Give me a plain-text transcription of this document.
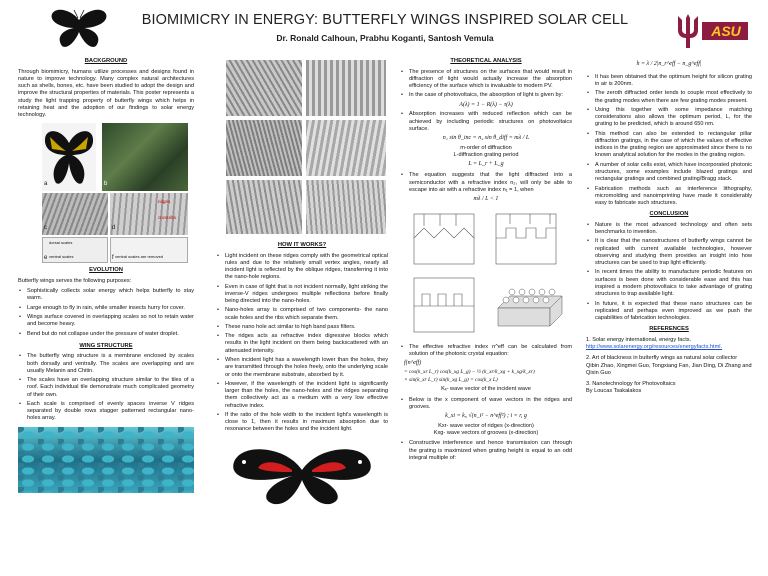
BIOMIMICRY IN ENERGY: BUTTERFLY WINGS INSPIRED SOLAR CELL
Dr. Ronald Calhoun, Prabhu Koganti, Santosh Vemula	ASU
BACKGROUND
Through biomimicry, humans utilize processes and designs found in nature to improve technology. Many complex natural architectures such as shells, bones, etc. have been studied to adopt the design and improve the structural properties of materials. This poster represents a study the light trapping property of butterfly wings which helps in retaining heat and the adoption of our findings to solar energy technology.
a	b
c
ridges
crossribs
d
dorsal scales
ventral scales
e	ventral scales are removed
f
EVOLUTION
Butterfly wings serves the following purposes:
• Sophistically collects solar energy which helps butterfly to stay warm.
• Large enough to fly in rain, while smaller insects hurry for cover.
• Wings surface covered in overlapping scales so not to retain water and become heavy.
• Bend but do not collapse under the pressure of water droplet.
WING STRUCTURE
• The butterfly wing structure is a membrane enclosed by scales both dorsally and ventrally. The scales are overlapping and are usually Melanin and Chitin.
• The scales have an overlapping structure similar to the tiles of a roof. Each individual tile demonstrate much complicated geometry of their own.
• Each scale is comprised of evenly spaces inverse V ridges separated by double rows stagger patterned rectangular nano-holes array.
HOW IT WORKS?
• Light incident on these ridges comply with the geometrical optical rules and due to the relatively small vertex angles, nearly all incident light is reflected by the oblique ridges, transferring it into the nano-hole regions.
• Even in case of light that is not incident normally, light striking the inverse-V ridges undergoes multiple reflections before finally being directed into the nano-holes.
• Nano-holes array is comprised of two components- the nano scale holes and the ribs which separate them.
• These nano hole act similar to high band pass filters.
• The ridges acts as refractive index digressive blocks which results in the light incident on them being backscattered with an attenuated intensity.
• When incident light has a wavelength lower than the holes, they are transmitted through the holes freely, onto the underlying scale or onto the membrane substrate, absorbed by it.
• However, if the wavelength of the incident light is significantly larger than the holes, the nano-holes and the ridges separating them collectively act as a medium with a very low effective refractive index.
• If the ratio of the hole width to the incident light's wavelength is close to 1, then it results in maximum absorption due to resonance between the holes and the incident light.
THEORETICAL ANALYSIS
• The presence of structures on the surfaces that would result in diffraction of light would actually increase the absorption efficiency of the surface which is invaluable to modern PV.
• In the case of photovoltaics, the absorption of light is given by:
A(λ) = 1 − R(λ) − τ(λ)
• Absorption increases with reduced reflection which can be achieved by including periodic structures on photovoltaics surface.
n₁ sin θ_inc = n₂ sin θ_diff = mλ / L
m-order of diffraction
L-diffraction grating period
L = L_r + L_g
• The equation suggests that the light diffracted into a semiconductor with a refractive index n₂, will only be able to escape into air with a refractive index n₁ = 1, when
mλ / L < 1
• The effective refractive index n^eff can be calculated from solution of the photonic crystal equation:
f(n^eff)
= cos(k_xr L_r) cos(k_xg L_g) − ½ (k_xr/k_xg + k_xg/k_xr)
× sin(k_xr L_r) sin(k_xg L_g) = cos(k_x L)
Kₓ- wave vector of the incident wave
• Below is the x component of wave vectors in the ridges and grooves.
k_xi = k₀ √(n_i² − n^eff²) ; i = r, g
Kxr- wave vector of ridges (x-direction)
Kxg- wave vectors of grooves (x-direction)
• Constructive interference and hence transmission can through the grating is maximized when grating height is equal to an odd integral multiple of:
h = λ / 2|n_r^eff − n_g^eff|
• It has been obtained that the optimum height for silicon grating in air is 200nm.
• The zeroth diffracted order tends to couple most effectively to the grating modes when there are few grating modes present.
• Using this together with some impedance matching considerations also allows the optimum period, L, for the grating to be predicted, which is around 650 nm.
• This method can also be extended to rectangular pillar diffraction gratings, in the case of which the values of effective indices in the grating region are approximated since there is no known analytical solution for the modes in the grating region.
• A number of solar cells exist, which have incorporated photonic structures, some examples include blazed gratings and rectangular gratings and combined grating/Bragg stack.
• Fabrication methods such as interference lithography, micromolding and nanoimprinting have made it considerably easy to fabricate such structures.
CONCLUSION
• Nature is the most advanced technology and often sets benchmarks to invention.
• It is clear that the nanostructures of butterfly wings cannot be replicated with current available technologies, however observing and studying them provides an insight into how structures can be used to trap light efficiently.
• In recent times the ability to manufacture periodic features on surfaces is been done with considerable ease and this has inspired a modern photovoltaics to take advantage of grating structures to trap available light.
• In future, it is expected that these nano structures can be replicated and perhaps even improved as we push the capabilities of fabrication technologies.
REFERENCES
1. Solar energy international, energy facts.
http://www.solarenergy.org/resources/energyfacts.html.
2. Art of blackness in butterfly wings as natural solar collector
Qibin Zhao, Xingmei Guo, Tongxiang Fan, Jian Ding, Di Zhang and Qixin Guo
3. Nanotechnology for Photovoltaics
By Loucas Tsakalakos
